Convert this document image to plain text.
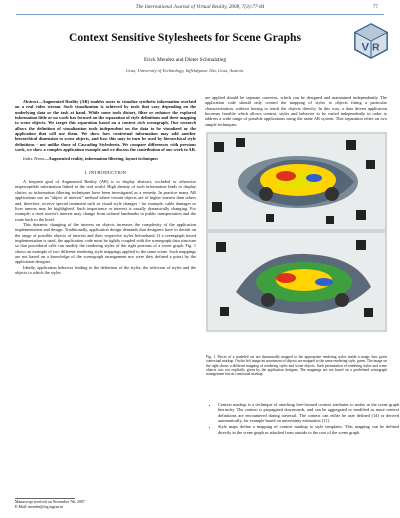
The International Journal of Virtual Reality, 2008, 7(3):77-84	77
Context Sensitive Stylesheets for Scene Graphs
Erick Mendez and Dieter Schmalstieg
Graz, University of Technology, Inffeldgasse 16a, Graz, Austria.
V R

Abstract—Augmented Reality (AR) enables users to visualize synthetic information overlaid on a real video stream. Such visualization is achieved by tools that vary depending on the underlying data or the task at hand. While some tools distort, filter or enhance the explored information little or no work has focused on the separation of style definitions and their mapping to scene objects. We target this separation based on a context rich scenegraph. Our research allows the definition of visualization tools independent on the data to be visualized or the application that will use them. We show how contextual information may add another hierarchical dimension to scene objects, and how this may in turn be used by hierarchical style definitions - not unlike those of Cascading Stylesheets. We compare differences with previous work, we show a complex application example and we discuss the contribution of our work to AR.

Index Terms—Augmented reality, information filtering, layout techniques

I. INTRODUCTION

A frequent goal of Augmented Reality (AR) is to display abstract, occluded or otherwise imperceptible information linked to the real world. High density of such information leads to display clutter, so information filtering techniques have been investigated as a remedy. In practice many AR applications use an "object of interest" method where certain objects are of higher interest than others and, therefore, receive special treatment such as visual style changes - for example, cable damages or liver tumors may be highlighted. Such importance or interest is usually dynamically changing. For example, a tired tourist's interest may change from cultural landmarks to public transportation and the route back to the hotel.

This dynamic changing of the interest on objects increases the complexity of the application implementation and design. Traditionally, application design demands that designers have to decide on the range of possible objects of interest and their respective styles beforehand. If a scenegraph based implementation is used, the application code must be tightly coupled with the scenegraph data structure so that procedural calls can modify the rendering styles of the right portions of a scene graph. Fig. 1 shows an example of two different rendering style mappings applied to the same scene. Such mappings are not based on a knowledge of the scenegraph arrangement nor were they defined a priori by the application designer.

Ideally, application behavior leading to the definition of the styles, the selection of styles and the objects to which the styles

Manuscript received on November 7th, 2007
E-Mail: mendez@icg.tugraz.at

are applied should be separate concerns, which can be designed and maintained independently. The application code should only control the mapping of styles to objects fitting a particular characterization, without having to touch the objects directly. In this way, a data driven application becomes feasible which allows context, styles and behavior to be varied independently in order to address a wide range of possible applications using the same AR system. This separation relies on two simple techniques:

Fig. 1. Pieces of a modeled car are dynamically mapped to the appropriate rendering styles inside a magic lens given contextual markup. On the left image an assortment of objects are mapped to the same rendering style, green. The image on the right shows a different mapping of rendering styles and scene objects. Such permutation of rendering styles and scene objects was not explicitly given by the application designer. The mappings are not based on a predefined scenegraph arrangement but on contextual markup.
• Context markup is a technique of attaching free-formed context attributes to nodes in the scene graph hierarchy. The context is propagated downwards, and can be aggregated or modified as more context definitions are encountered during traversal. The context can either be user defined [14] or derived automatically, for example based on uncertainty estimation [11].
• Style maps define a mapping of context markup to style templates. This mapping can be defined directly in the scene graph or attached from outside to the root of the scene graph.
